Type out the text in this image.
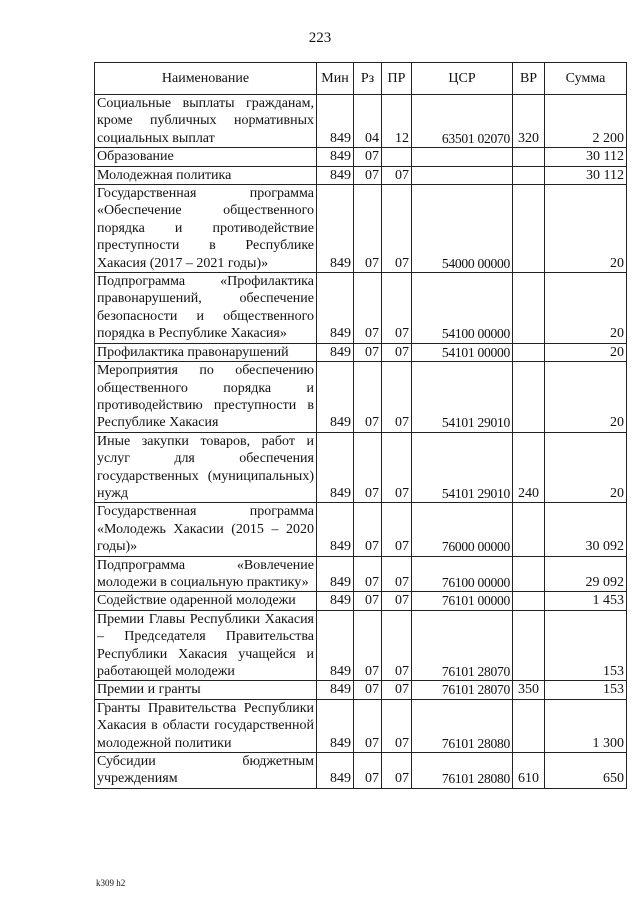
223
Наименование	Мин	Рз	ПР	ЦСР	ВР	Сумма
Социальные выплаты гражданам, кроме публичных нормативных социальных выплат	849	04	12	63501 02070	320	2 200
Образование	849	07				30 112
Молодежная политика	849	07	07			30 112
Государственная программа «Обеспечение общественного порядка и противодействие преступности в Республике Хакасия (2017 – 2021 годы)»	849	07	07	54000 00000		20
Подпрограмма «Профилактика правонарушений, обеспечение безопасности и общественного порядка в Республике Хакасия»	849	07	07	54100 00000		20
Профилактика правонарушений	849	07	07	54101 00000		20
Мероприятия по обеспечению общественного порядка и противодействию преступности в Республике Хакасия	849	07	07	54101 29010		20
Иные закупки товаров, работ и услуг для обеспечения государственных (муниципальных) нужд	849	07	07	54101 29010	240	20
Государственная программа «Молодежь Хакасии (2015 – 2020 годы)»	849	07	07	76000 00000		30 092
Подпрограмма «Вовлечение молодежи в социальную практику»	849	07	07	76100 00000		29 092
Содействие одаренной молодежи	849	07	07	76101 00000		1 453
Премии Главы Республики Хакасия – Председателя Правительства Республики Хакасия учащейся и работающей молодежи	849	07	07	76101 28070		153
Премии и гранты	849	07	07	76101 28070	350	153
Гранты Правительства Республики Хакасия в области государственной молодежной политики	849	07	07	76101 28080		1 300
Субсидии бюджетным учреждениям	849	07	07	76101 28080	610	650
k309 h2
